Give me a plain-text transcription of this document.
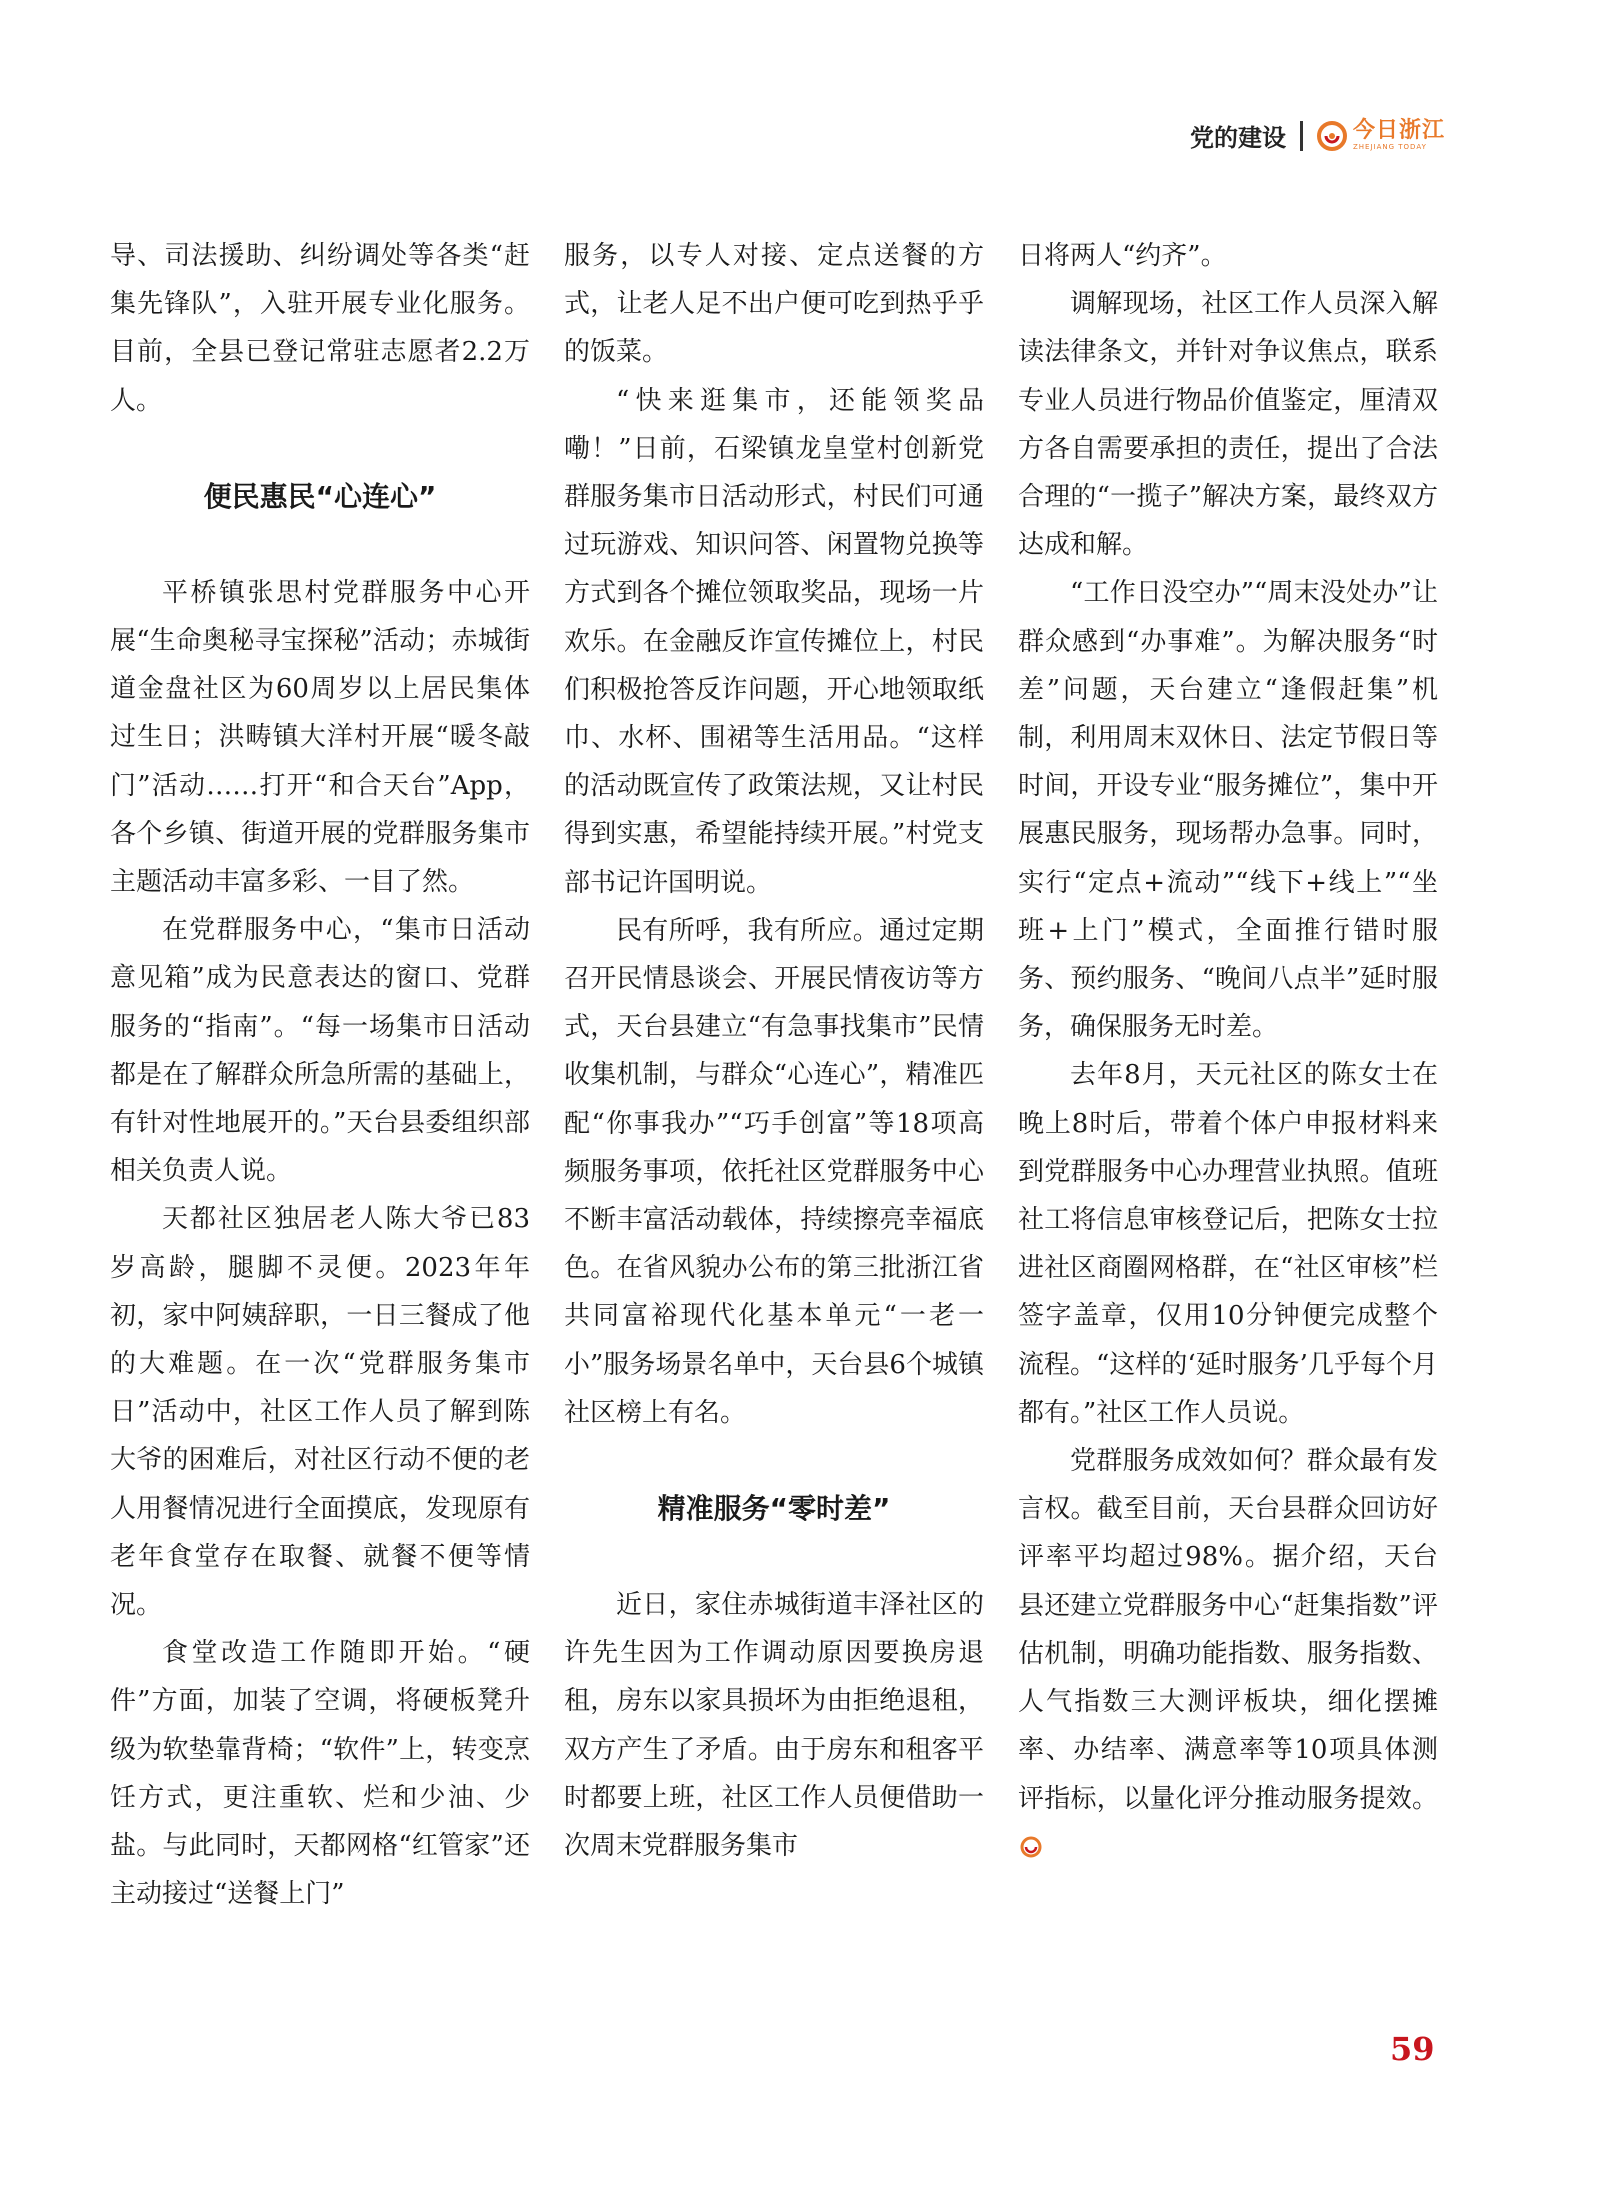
党的建设	今日浙江
ZHEJIANG TODAY

导、司法援助、纠纷调处等各类“赶集先锋队”，入驻开展专业化服务。目前，全县已登记常驻志愿者2.2万人。

便民惠民“心连心”

平桥镇张思村党群服务中心开展“生命奥秘寻宝探秘”活动；赤城街道金盘社区为60周岁以上居民集体过生日；洪畴镇大洋村开展“暖冬敲门”活动……打开“和合天台”App，各个乡镇、街道开展的党群服务集市主题活动丰富多彩、一目了然。

在党群服务中心，“集市日活动意见箱”成为民意表达的窗口、党群服务的“指南”。“每一场集市日活动都是在了解群众所急所需的基础上，有针对性地展开的。”天台县委组织部相关负责人说。

天都社区独居老人陈大爷已83岁高龄，腿脚不灵便。2023年年初，家中阿姨辞职，一日三餐成了他的大难题。在一次“党群服务集市日”活动中，社区工作人员了解到陈大爷的困难后，对社区行动不便的老人用餐情况进行全面摸底，发现原有老年食堂存在取餐、就餐不便等情况。

食堂改造工作随即开始。“硬件”方面，加装了空调，将硬板凳升级为软垫靠背椅；“软件”上，转变烹饪方式，更注重软、烂和少油、少盐。与此同时，天都网格“红管家”还主动接过“送餐上门”

服务，以专人对接、定点送餐的方式，让老人足不出户便可吃到热乎乎的饭菜。

“快来逛集市，还能领奖品嘞！”日前，石梁镇龙皇堂村创新党群服务集市日活动形式，村民们可通过玩游戏、知识问答、闲置物兑换等方式到各个摊位领取奖品，现场一片欢乐。在金融反诈宣传摊位上，村民们积极抢答反诈问题，开心地领取纸巾、水杯、围裙等生活用品。“这样的活动既宣传了政策法规，又让村民得到实惠，希望能持续开展。”村党支部书记许国明说。

民有所呼，我有所应。通过定期召开民情恳谈会、开展民情夜访等方式，天台县建立“有急事找集市”民情收集机制，与群众“心连心”，精准匹配“你事我办”“巧手创富”等18项高频服务事项，依托社区党群服务中心不断丰富活动载体，持续擦亮幸福底色。在省风貌办公布的第三批浙江省共同富裕现代化基本单元“一老一小”服务场景名单中，天台县6个城镇社区榜上有名。

精准服务“零时差”

近日，家住赤城街道丰泽社区的许先生因为工作调动原因要换房退租，房东以家具损坏为由拒绝退租，双方产生了矛盾。由于房东和租客平时都要上班，社区工作人员便借助一次周末党群服务集市

日将两人“约齐”。

调解现场，社区工作人员深入解读法律条文，并针对争议焦点，联系专业人员进行物品价值鉴定，厘清双方各自需要承担的责任，提出了合法合理的“一揽子”解决方案，最终双方达成和解。

“工作日没空办”“周末没处办”让群众感到“办事难”。为解决服务“时差”问题，天台建立“逢假赶集”机制，利用周末双休日、法定节假日等时间，开设专业“服务摊位”，集中开展惠民服务，现场帮办急事。同时，实行“定点+流动”“线下+线上”“坐班+上门”模式，全面推行错时服务、预约服务、“晚间八点半”延时服务，确保服务无时差。

去年8月，天元社区的陈女士在晚上8时后，带着个体户申报材料来到党群服务中心办理营业执照。值班社工将信息审核登记后，把陈女士拉进社区商圈网格群，在“社区审核”栏签字盖章，仅用10分钟便完成整个流程。“这样的‘延时服务’几乎每个月都有。”社区工作人员说。

党群服务成效如何？群众最有发言权。截至目前，天台县群众回访好评率平均超过98%。据介绍，天台县还建立党群服务中心“赶集指数”评估机制，明确功能指数、服务指数、人气指数三大测评板块，细化摆摊率、办结率、满意率等10项具体测评指标，以量化评分推动服务提效。

59
